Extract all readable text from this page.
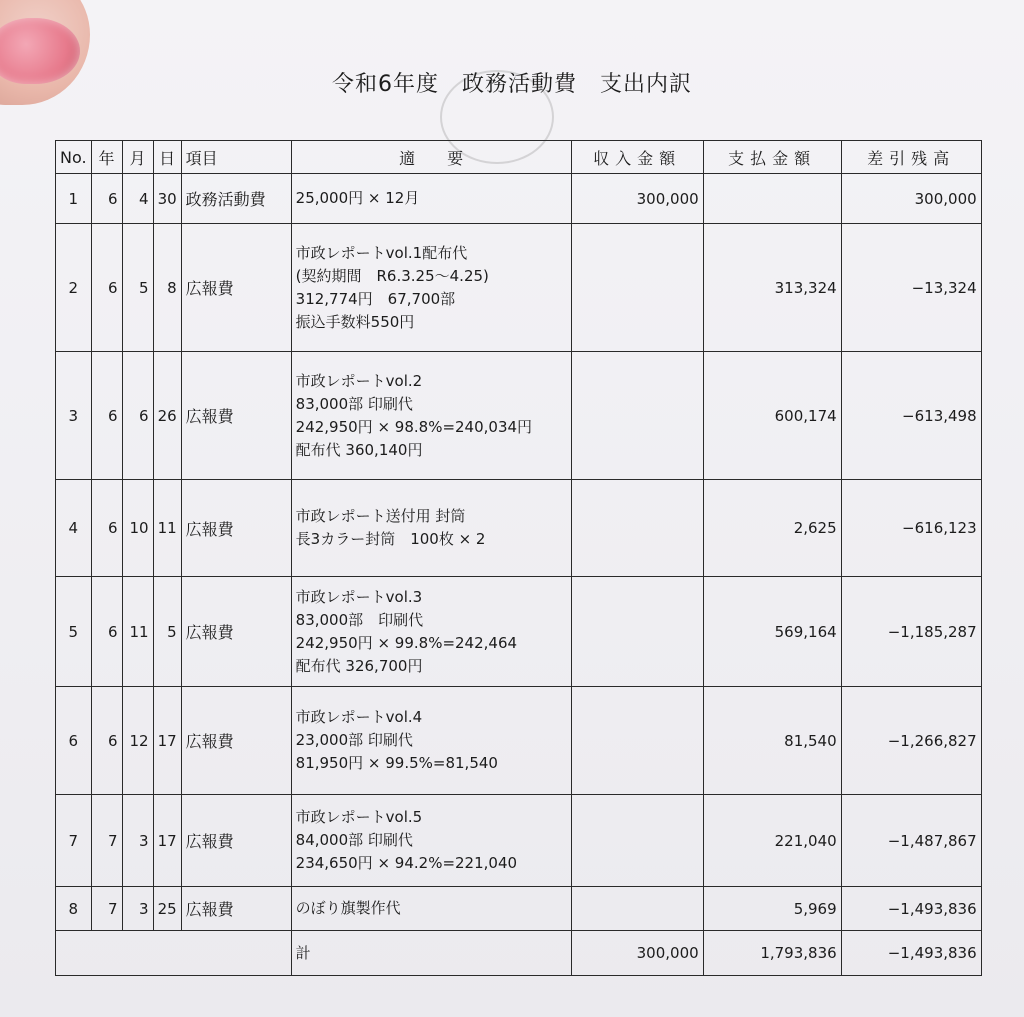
令和6年度　政務活動費　支出内訳
No.	年	月	日	項目	適　　要	収入金額	支払金額	差引残高
1	6	4	30	政務活動費	25,000円 × 12月	300,000		300,000
2	6	5	8	広報費	市政レポートvol.1配布代
(契約期間　R6.3.25～4.25)
312,774円　67,700部
振込手数料550円		313,324	−13,324
3	6	6	26	広報費	市政レポートvol.2
83,000部 印刷代
242,950円 × 98.8%=240,034円
配布代 360,140円		600,174	−613,498
4	6	10	11	広報費	市政レポート送付用 封筒
長3カラー封筒　100枚 × 2		2,625	−616,123
5	6	11	5	広報費	市政レポートvol.3
83,000部　印刷代
242,950円 × 99.8%=242,464
配布代 326,700円		569,164	−1,185,287
6	6	12	17	広報費	市政レポートvol.4
23,000部 印刷代
81,950円 × 99.5%=81,540		81,540	−1,266,827
7	7	3	17	広報費	市政レポートvol.5
84,000部 印刷代
234,650円 × 94.2%=221,040		221,040	−1,487,867
8	7	3	25	広報費	のぼり旗製作代		5,969	−1,493,836
					計	300,000	1,793,836	−1,493,836
